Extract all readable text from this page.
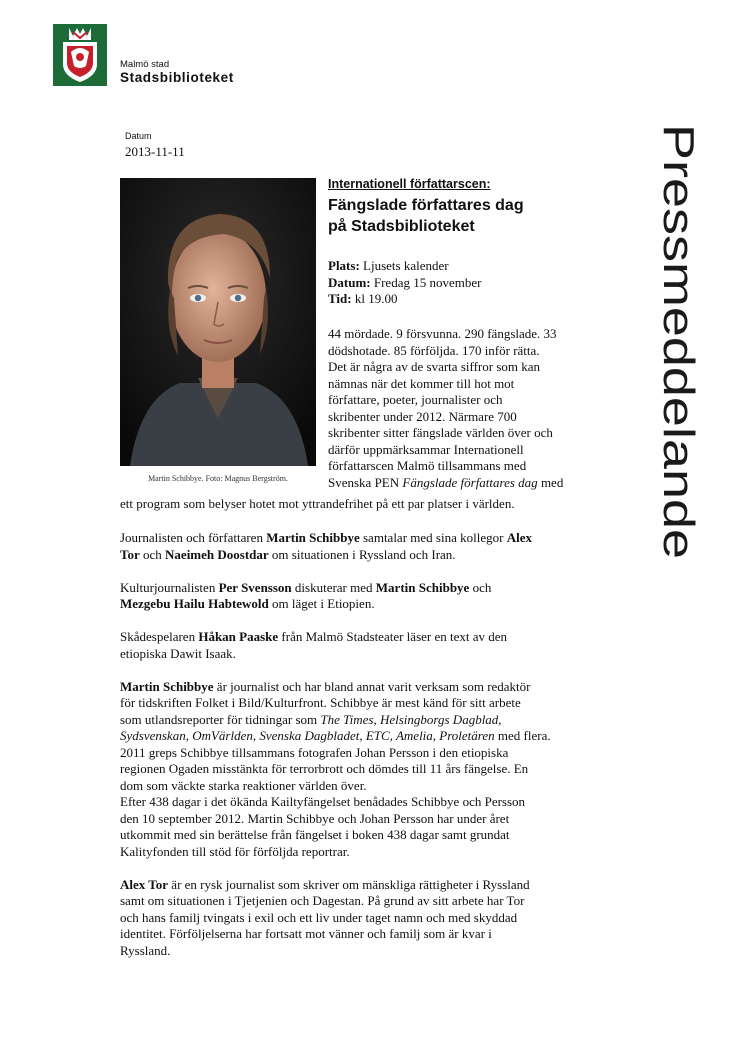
Malmö stad
Stadsbiblioteket
Datum
2013-11-11	Pressmeddelande
Martin Schibbye. Foto: Magnus Bergström.
Internationell författarscen:
Fängslade författares dag
på Stadsbiblioteket
Plats: Ljusets kalender
Datum: Fredag 15 november
Tid: kl 19.00
44 mördade. 9 försvunna. 290 fängslade. 33
dödshotade. 85 förföljda. 170 inför rätta.
Det är några av de svarta siffror som kan
nämnas när det kommer till hot mot
författare, poeter, journalister och
skribenter under 2012. Närmare 700
skribenter sitter fängslade världen över och
därför uppmärksammar Internationell
författarscen Malmö tillsammans med
Svenska PEN Fängslade författares dag med
ett program som belyser hotet mot yttrandefrihet på ett par platser i världen.

Journalisten och författaren Martin Schibbye samtalar med sina kollegor Alex
Tor och Naeimeh Doostdar om situationen i Ryssland och Iran.

Kulturjournalisten Per Svensson diskuterar med Martin Schibbye och
Mezgebu Hailu Habtewold om läget i Etiopien.

Skådespelaren Håkan Paaske från Malmö Stadsteater läser en text av den
etiopiska Dawit Isaak.

Martin Schibbye är journalist och har bland annat varit verksam som redaktör
för tidskriften Folket i Bild/Kulturfront. Schibbye är mest känd för sitt arbete
som utlandsreporter för tidningar som The Times, Helsingborgs Dagblad,
Sydsvenskan, OmVärlden, Svenska Dagbladet, ETC, Amelia, Proletären med flera.
2011 greps Schibbye tillsammans fotografen Johan Persson i den etiopiska
regionen Ogaden misstänkta för terrorbrott och dömdes till 11 års fängelse. En
dom som väckte starka reaktioner världen över.
Efter 438 dagar i det ökända Kailtyfängelset benådades Schibbye och Persson
den 10 september 2012. Martin Schibbye och Johan Persson har under året
utkommit med sin berättelse från fängelset i boken 438 dagar samt grundat
Kalityfonden till stöd för förföljda reportrar.

Alex Tor är en rysk journalist som skriver om mänskliga rättigheter i Ryssland
samt om situationen i Tjetjenien och Dagestan. På grund av sitt arbete har Tor
och hans familj tvingats i exil och ett liv under taget namn och med skyddad
identitet. Förföljelserna har fortsatt mot vänner och familj som är kvar i
Ryssland.
